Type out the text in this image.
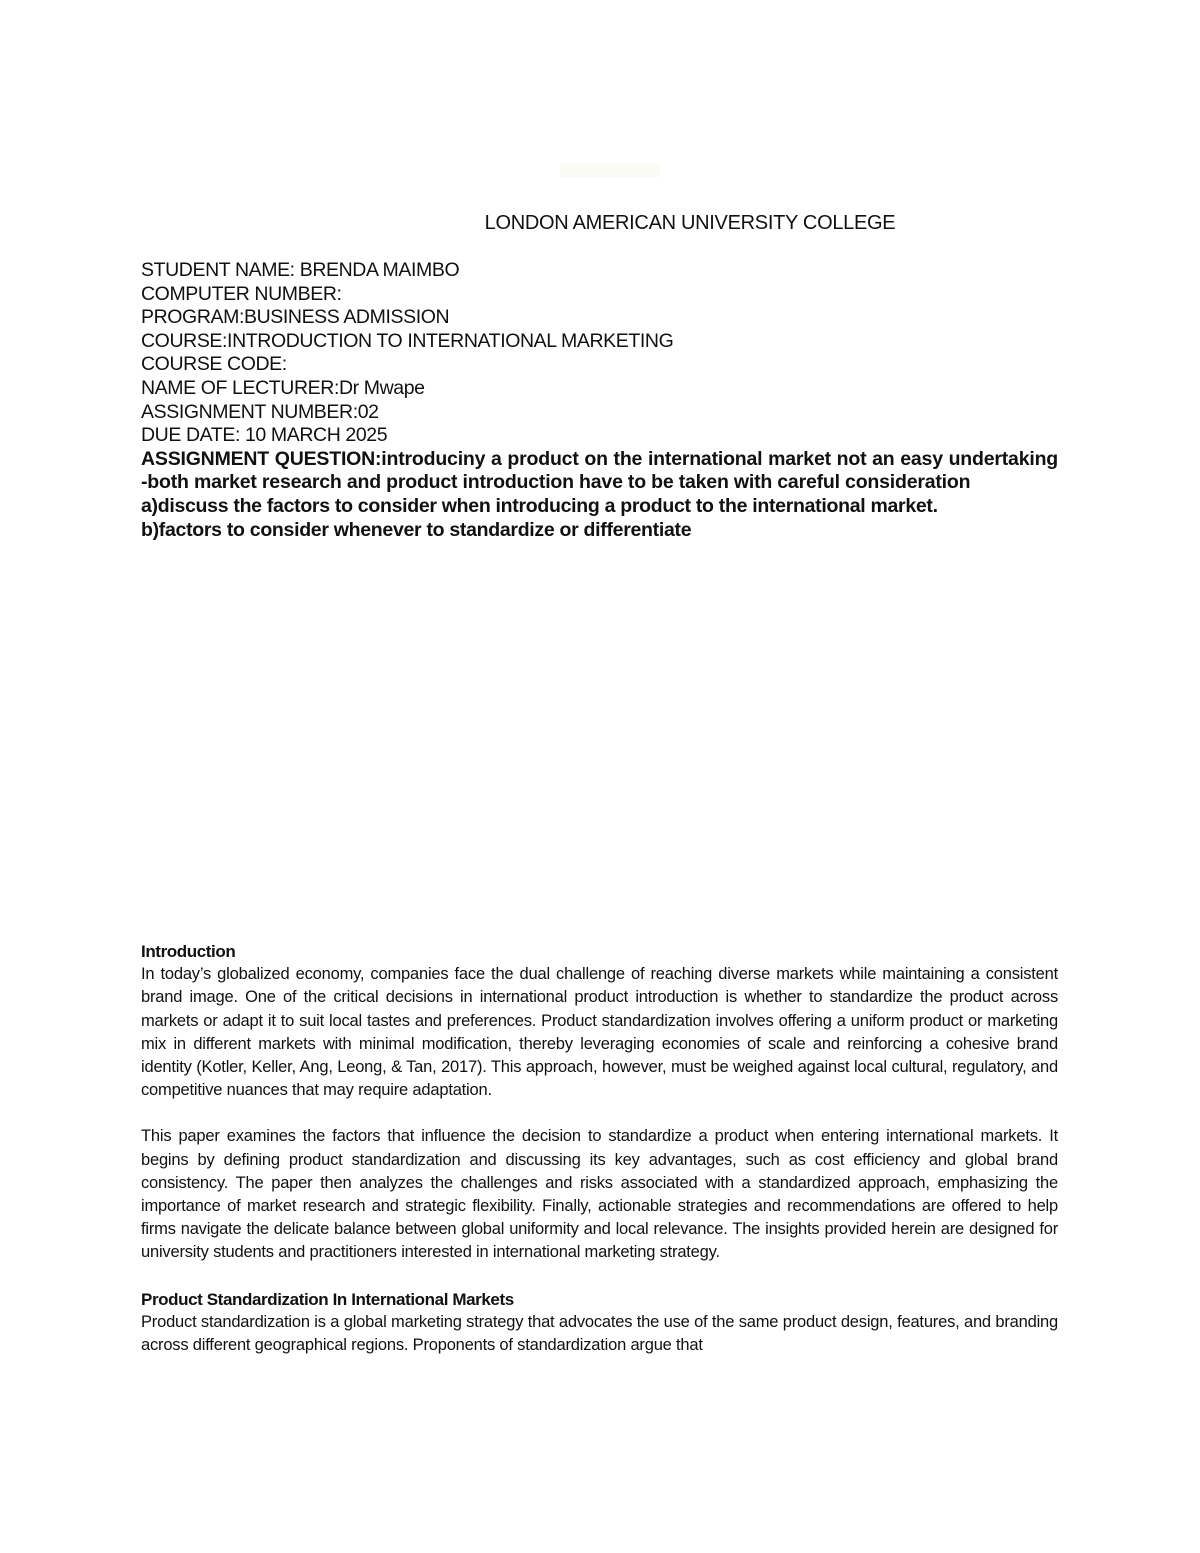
LONDON AMERICAN UNIVERSITY COLLEGE
STUDENT NAME: BRENDA MAIMBO
COMPUTER NUMBER:
PROGRAM:BUSINESS ADMISSION
COURSE:INTRODUCTION TO INTERNATIONAL MARKETING
COURSE CODE:
NAME OF LECTURER:Dr Mwape
ASSIGNMENT NUMBER:02
DUE DATE: 10 MARCH 2025
ASSIGNMENT QUESTION:introduciny a product on the international market not an easy undertaking -both market research and product introduction have to be taken with careful consideration
a)discuss the factors to consider when introducing a product to the international market.
b)factors to consider whenever to standardize or differentiate
Introduction

In today’s globalized economy, companies face the dual challenge of reaching diverse markets while maintaining a consistent brand image. One of the critical decisions in international product introduction is whether to standardize the product across markets or adapt it to suit local tastes and preferences. Product standardization involves offering a uniform product or marketing mix in different markets with minimal modification, thereby leveraging economies of scale and reinforcing a cohesive brand identity (Kotler, Keller, Ang, Leong, & Tan, 2017). This approach, however, must be weighed against local cultural, regulatory, and competitive nuances that may require adaptation.

This paper examines the factors that influence the decision to standardize a product when entering international markets. It begins by defining product standardization and discussing its key advantages, such as cost efficiency and global brand consistency. The paper then analyzes the challenges and risks associated with a standardized approach, emphasizing the importance of market research and strategic flexibility. Finally, actionable strategies and recommendations are offered to help firms navigate the delicate balance between global uniformity and local relevance. The insights provided herein are designed for university students and practitioners interested in international marketing strategy.

Product Standardization In International Markets

Product standardization is a global marketing strategy that advocates the use of the same product design, features, and branding across different geographical regions. Proponents of standardization argue that
